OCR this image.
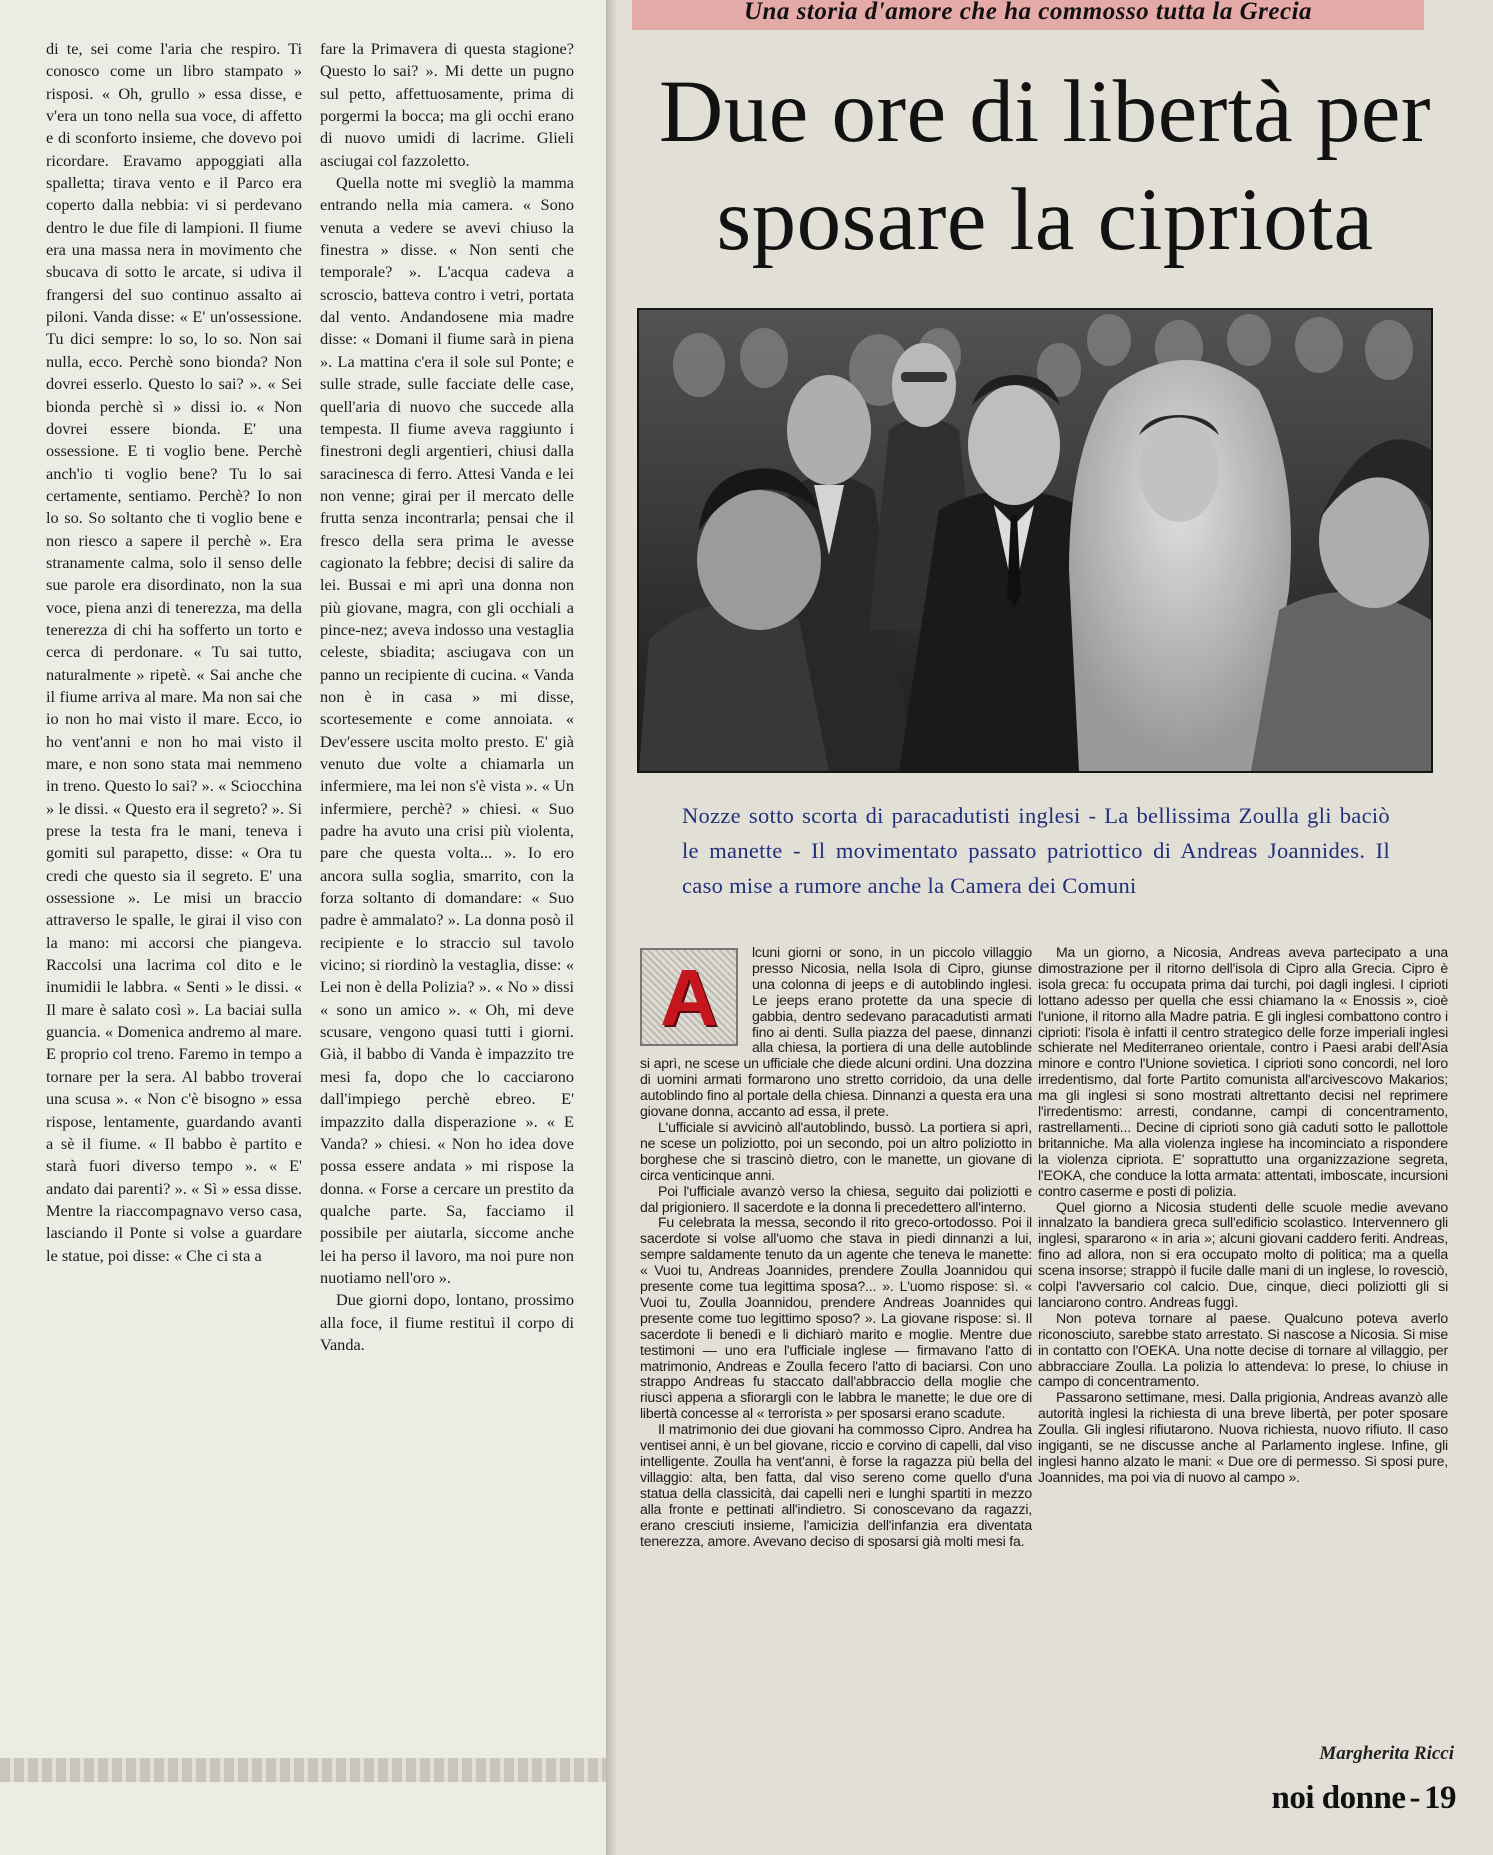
di te, sei come l'aria che respiro. Ti conosco come un libro stampato » risposi. « Oh, grullo » essa disse, e v'era un tono nella sua voce, di affetto e di sconforto insieme, che dovevo poi ricordare. Eravamo appoggiati alla spalletta; tirava vento e il Parco era coperto dalla nebbia: vi si perdevano dentro le due file di lampioni. Il fiume era una massa nera in movimento che sbucava di sotto le arcate, si udiva il frangersi del suo continuo assalto ai piloni. Vanda disse: « E' un'ossessione. Tu dici sempre: lo so, lo so. Non sai nulla, ecco. Perchè sono bionda? Non dovrei esserlo. Questo lo sai? ». « Sei bionda perchè sì » dissi io. « Non dovrei essere bionda. E' una ossessione. E ti voglio bene. Perchè anch'io ti voglio bene? Tu lo sai certamente, sentiamo. Perchè? Io non lo so. So soltanto che ti voglio bene e non riesco a sapere il perchè ». Era stranamente calma, solo il senso delle sue parole era disordinato, non la sua voce, piena anzi di tenerezza, ma della tenerezza di chi ha sofferto un torto e cerca di perdonare. « Tu sai tutto, naturalmente » ripetè. « Sai anche che il fiume arriva al mare. Ma non sai che io non ho mai visto il mare. Ecco, io ho vent'anni e non ho mai visto il mare, e non sono stata mai nemmeno in treno. Questo lo sai? ». « Sciocchina » le dissi. « Questo era il segreto? ». Si prese la testa fra le mani, teneva i gomiti sul parapetto, disse: « Ora tu credi che questo sia il segreto. E' una ossessione ». Le misi un braccio attraverso le spalle, le girai il viso con la mano: mi accorsi che piangeva. Raccolsi una lacrima col dito e le inumidii le labbra. « Senti » le dissi. « Il mare è salato così ». La baciai sulla guancia. « Domenica andremo al mare. E proprio col treno. Faremo in tempo a tornare per la sera. Al babbo troverai una scusa ». « Non c'è bisogno » essa rispose, lentamente, guardando avanti a sè il fiume. « Il babbo è partito e starà fuori diverso tempo ». « E' andato dai parenti? ». « Sì » essa disse. Mentre la riaccompagnavo verso casa, lasciando il Ponte si volse a guardare le statue, poi disse: « Che ci sta a

fare la Primavera di questa stagione? Questo lo sai? ». Mi dette un pugno sul petto, affettuosamente, prima di porgermi la bocca; ma gli occhi erano di nuovo umidi di lacrime. Glieli asciugai col fazzoletto.

Quella notte mi svegliò la mamma entrando nella mia camera. « Sono venuta a vedere se avevi chiuso la finestra » disse. « Non senti che temporale? ». L'acqua cadeva a scroscio, batteva contro i vetri, portata dal vento. Andandosene mia madre disse: « Domani il fiume sarà in piena ». La mattina c'era il sole sul Ponte; e sulle strade, sulle facciate delle case, quell'aria di nuovo che succede alla tempesta. Il fiume aveva raggiunto i finestroni degli argentieri, chiusi dalla saracinesca di ferro. Attesi Vanda e lei non venne; girai per il mercato delle frutta senza incontrarla; pensai che il fresco della sera prima le avesse cagionato la febbre; decisi di salire da lei. Bussai e mi aprì una donna non più giovane, magra, con gli occhiali a pince-nez; aveva indosso una vestaglia celeste, sbiadita; asciugava con un panno un recipiente di cucina. « Vanda non è in casa » mi disse, scortesemente e come annoiata. « Dev'essere uscita molto presto. E' già venuto due volte a chiamarla un infermiere, ma lei non s'è vista ». « Un infermiere, perchè? » chiesi. « Suo padre ha avuto una crisi più violenta, pare che questa volta... ». Io ero ancora sulla soglia, smarrito, con la forza soltanto di domandare: « Suo padre è ammalato? ». La donna posò il recipiente e lo straccio sul tavolo vicino; si riordinò la vestaglia, disse: « Lei non è della Polizia? ». « No » dissi « sono un amico ». « Oh, mi deve scusare, vengono quasi tutti i giorni. Già, il babbo di Vanda è impazzito tre mesi fa, dopo che lo cacciarono dall'impiego perchè ebreo. E' impazzito dalla disperazione ». « E Vanda? » chiesi. « Non ho idea dove possa essere andata » mi rispose la donna. « Forse a cercare un prestito da qualche parte. Sa, facciamo il possibile per aiutarla, siccome anche lei ha perso il lavoro, ma noi pure non nuotiamo nell'oro ».

Due giorni dopo, lontano, prossimo alla foce, il fiume restituì il corpo di Vanda.

Una storia d'amore che ha commosso tutta la Grecia
Due ore di libertà per sposare la cipriota

Nozze sotto scorta di paracadutisti inglesi - La bellissima Zoulla gli baciò le manette - Il movimentato passato patriottico di Andreas Joannides. Il caso mise a rumore anche la Camera dei Comuni

A

lcuni giorni or sono, in un piccolo villaggio presso Nicosia, nella Isola di Cipro, giunse una colonna di jeeps e di autoblindo inglesi. Le jeeps erano protette da una specie di gabbia, dentro sedevano paracadutisti armati fino ai denti. Sulla piazza del paese, dinnanzi alla chiesa, la portiera di una delle autoblinde si aprì, ne scese un ufficiale che diede alcuni ordini. Una dozzina di uomini armati formarono uno stretto corridoio, da una delle autoblindo fino al portale della chiesa. Dinnanzi a questa era una giovane donna, accanto ad essa, il prete.

L'ufficiale si avvicinò all'autoblindo, bussò. La portiera si aprì, ne scese un poliziotto, poi un secondo, poi un altro poliziotto in borghese che si trascinò dietro, con le manette, un giovane di circa venticinque anni.

Poi l'ufficiale avanzò verso la chiesa, seguito dai poliziotti e dal prigioniero. Il sacerdote e la donna li precedettero all'interno.

Fu celebrata la messa, secondo il rito greco-ortodosso. Poi il sacerdote si volse all'uomo che stava in piedi dinnanzi a lui, sempre saldamente tenuto da un agente che teneva le manette: « Vuoi tu, Andreas Joannides, prendere Zoulla Joannidou qui presente come tua legittima sposa?... ». L'uomo rispose: sì. « Vuoi tu, Zoulla Joannidou, prendere Andreas Joannides qui presente come tuo legittimo sposo? ». La giovane rispose: sì. Il sacerdote li benedì e li dichiarò marito e moglie. Mentre due testimoni — uno era l'ufficiale inglese — firmavano l'atto di matrimonio, Andreas e Zoulla fecero l'atto di baciarsi. Con uno strappo Andreas fu staccato dall'abbraccio della moglie che riuscì appena a sfiorargli con le labbra le manette; le due ore di libertà concesse al « terrorista » per sposarsi erano scadute.

Il matrimonio dei due giovani ha commosso Cipro. Andrea ha ventisei anni, è un bel giovane, riccio e corvino di capelli, dal viso intelligente. Zoulla ha vent'anni, è forse la ragazza più bella del villaggio: alta, ben fatta, dal viso sereno come quello d'una statua della classicità, dai capelli neri e lunghi spartiti in mezzo alla fronte e pettinati all'indietro. Si conoscevano da ragazzi, erano cresciuti insieme, l'amicizia dell'infanzia era diventata tenerezza, amore. Avevano deciso di sposarsi già molti mesi fa.

Ma un giorno, a Nicosia, Andreas aveva partecipato a una dimostrazione per il ritorno dell'isola di Cipro alla Grecia. Cipro è isola greca: fu occupata prima dai turchi, poi dagli inglesi. I ciprioti lottano adesso per quella che essi chiamano la « Enossis », cioè l'unione, il ritorno alla Madre patria. E gli inglesi combattono contro i ciprioti: l'isola è infatti il centro strategico delle forze imperiali inglesi schierate nel Mediterraneo orientale, contro i Paesi arabi dell'Asia minore e contro l'Unione sovietica. I ciprioti sono concordi, nel loro irredentismo, dal forte Partito comunista all'arcivescovo Makarios; ma gli inglesi si sono mostrati altrettanto decisi nel reprimere l'irredentismo: arresti, condanne, campi di concentramento, rastrellamenti... Decine di ciprioti sono già caduti sotto le pallottole britanniche. Ma alla violenza inglese ha incominciato a rispondere la violenza cipriota. E' soprattutto una organizzazione segreta, l'EOKA, che conduce la lotta armata: attentati, imboscate, incursioni contro caserme e posti di polizia.

Quel giorno a Nicosia studenti delle scuole medie avevano innalzato la bandiera greca sull'edificio scolastico. Intervennero gli inglesi, spararono « in aria »; alcuni giovani caddero feriti. Andreas, fino ad allora, non si era occupato molto di politica; ma a quella scena insorse; strappò il fucile dalle mani di un inglese, lo rovesciò, colpì l'avversario col calcio. Due, cinque, dieci poliziotti gli si lanciarono contro. Andreas fuggì.

Non poteva tornare al paese. Qualcuno poteva averlo riconosciuto, sarebbe stato arrestato. Si nascose a Nicosia. Si mise in contatto con l'OEKA. Una notte decise di tornare al villaggio, per abbracciare Zoulla. La polizia lo attendeva: lo prese, lo chiuse in campo di concentramento.

Passarono settimane, mesi. Dalla prigionia, Andreas avanzò alle autorità inglesi la richiesta di una breve libertà, per poter sposare Zoulla. Gli inglesi rifiutarono. Nuova richiesta, nuovo rifiuto. Il caso ingiganti, se ne discusse anche al Parlamento inglese. Infine, gli inglesi hanno alzato le mani: « Due ore di permesso. Si sposi pure, Joannides, ma poi via di nuovo al campo ».

Margherita Ricci
noi donne - 19
